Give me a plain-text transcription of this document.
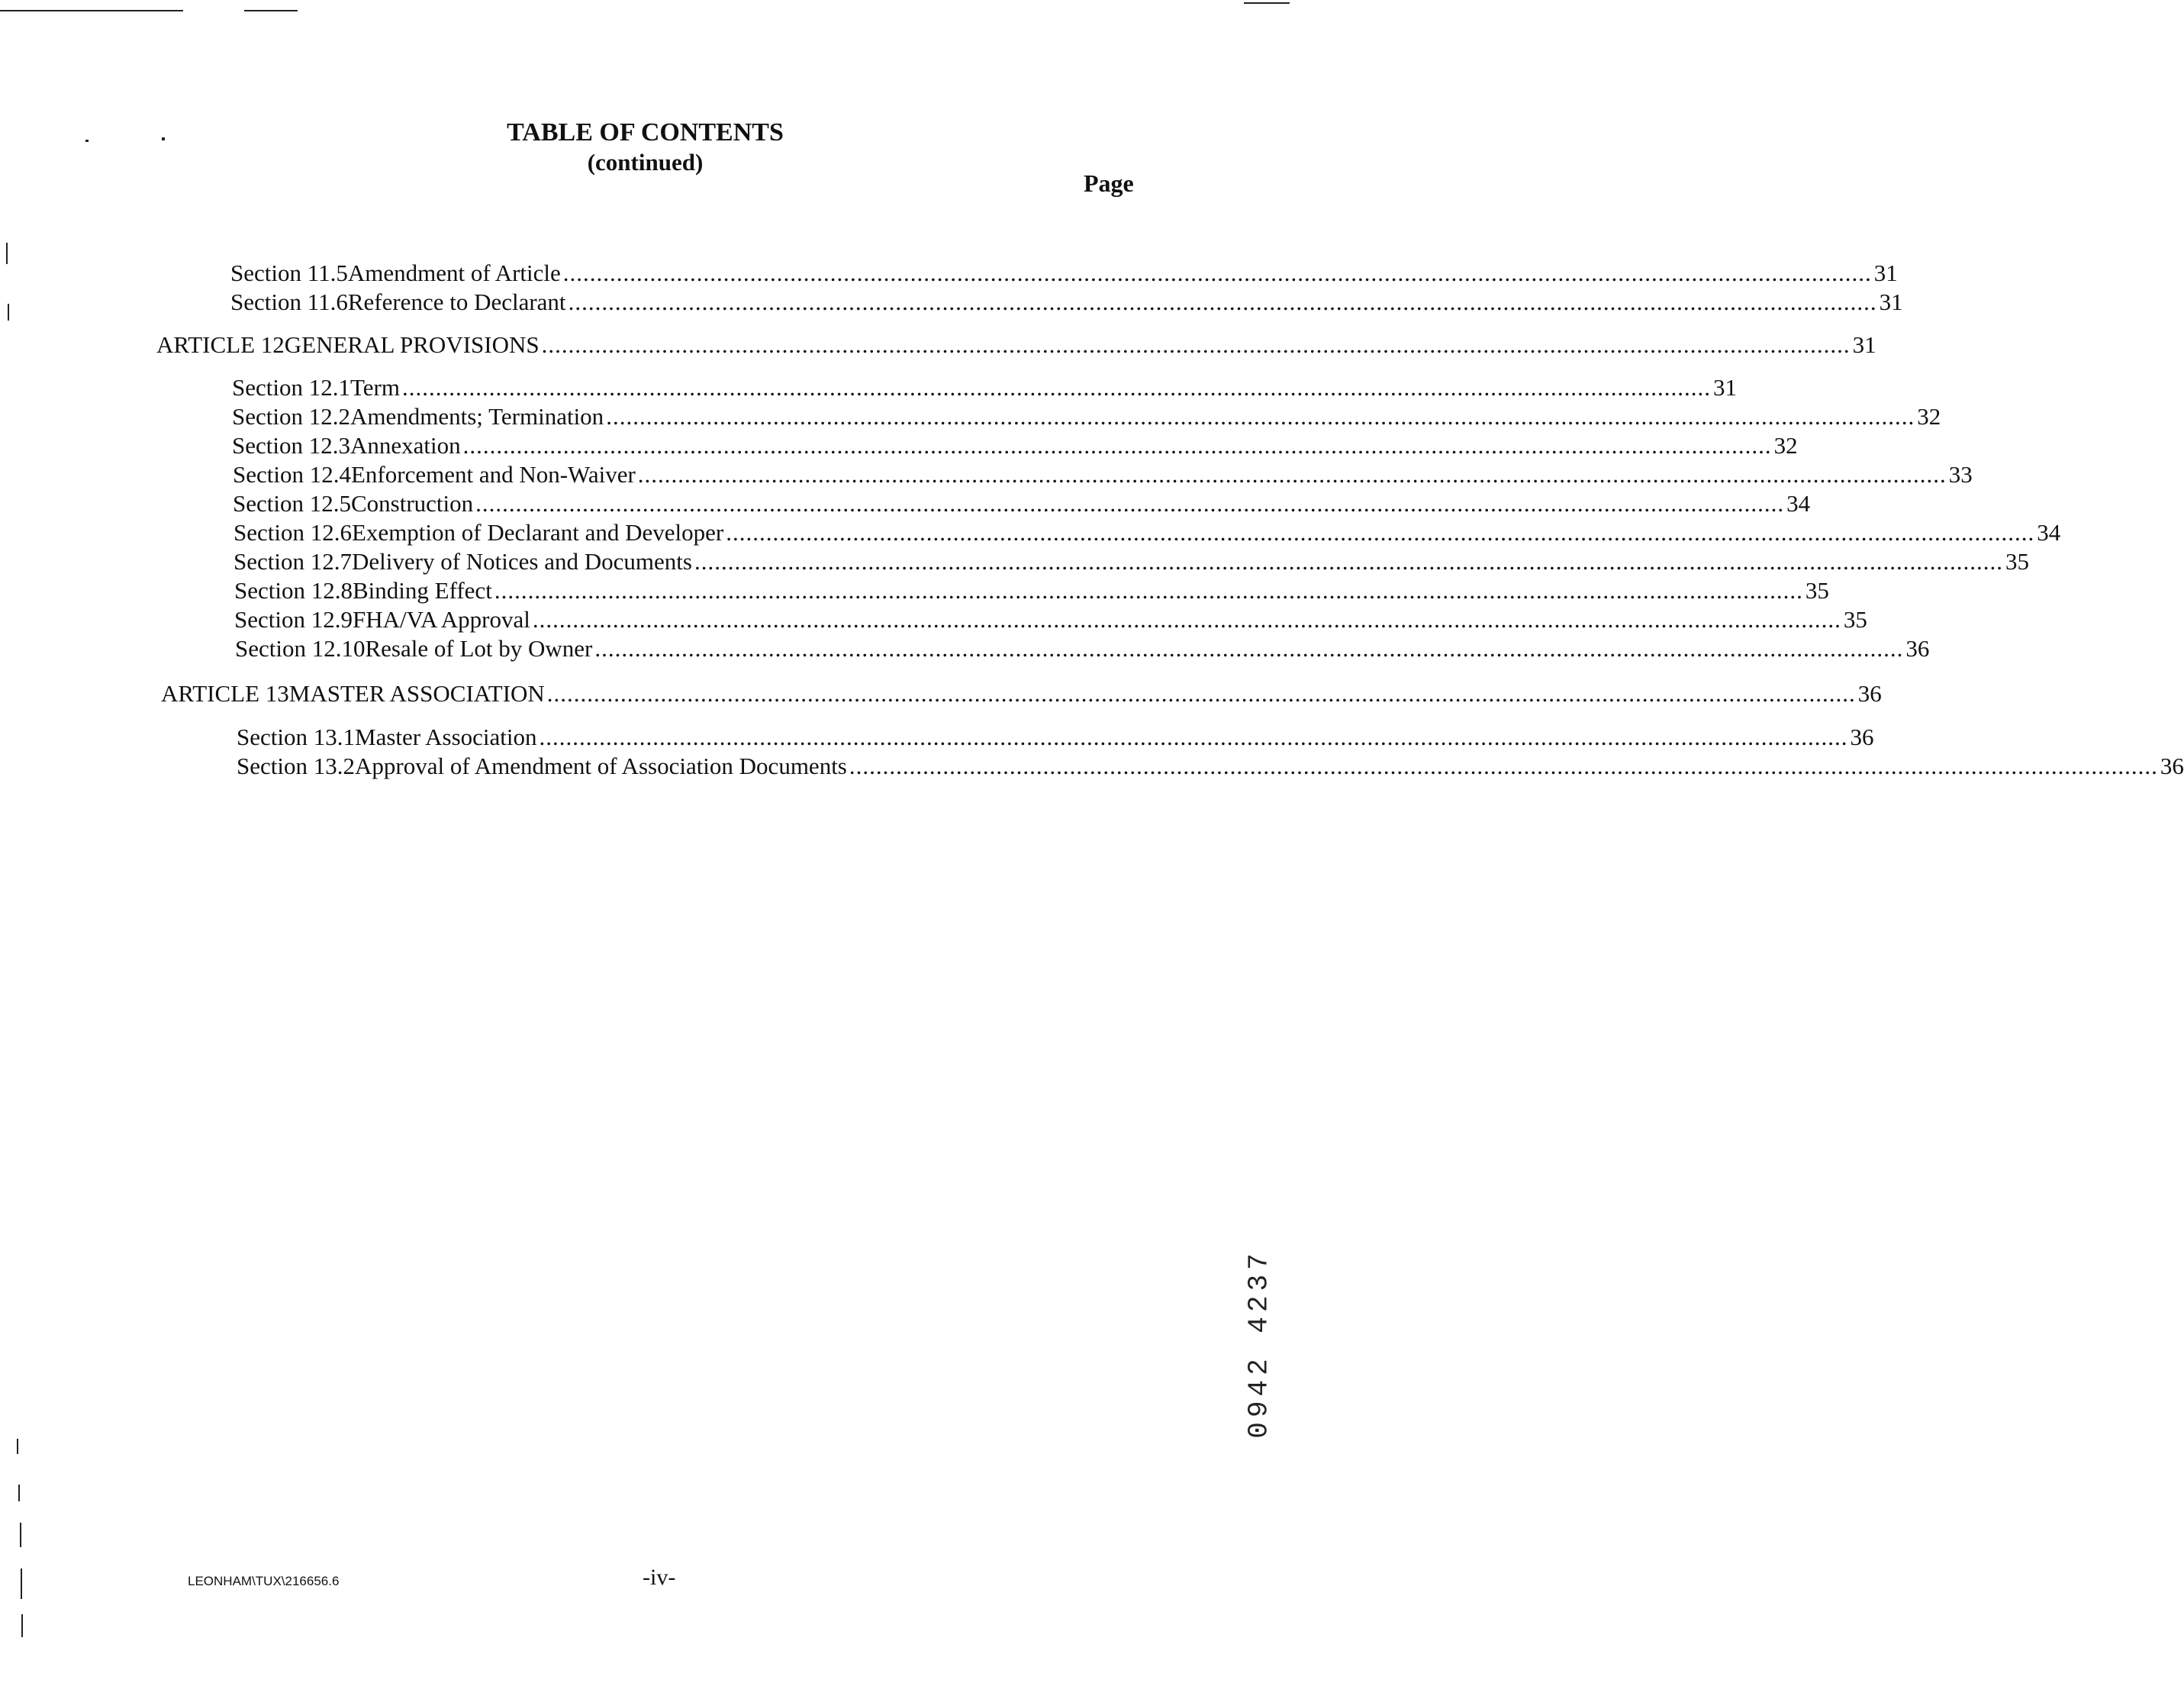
TABLE OF CONTENTS
(continued)
Page
Section 11.5 Amendment of Article .................................................................................................................................................................................................... 31
Section 11.6 Reference to Declarant .................................................................................................................................................................................................... 31
ARTICLE 12 GENERAL PROVISIONS .................................................................................................................................................................................................... 31
Section 12.1 Term .................................................................................................................................................................................................... 31
Section 12.2 Amendments; Termination .................................................................................................................................................................................................... 32
Section 12.3 Annexation .................................................................................................................................................................................................... 32
Section 12.4 Enforcement and Non-Waiver .................................................................................................................................................................................................... 33
Section 12.5 Construction .................................................................................................................................................................................................... 34
Section 12.6 Exemption of Declarant and Developer .................................................................................................................................................................................................... 34
Section 12.7 Delivery of Notices and Documents .................................................................................................................................................................................................... 35
Section 12.8 Binding Effect .................................................................................................................................................................................................... 35
Section 12.9 FHA/VA Approval .................................................................................................................................................................................................... 35
Section 12.10 Resale of Lot by Owner .................................................................................................................................................................................................... 36
ARTICLE 13 MASTER ASSOCIATION .................................................................................................................................................................................................... 36
Section 13.1 Master Association .................................................................................................................................................................................................... 36
Section 13.2 Approval of Amendment of Association Documents .................................................................................................................................................................................................... 36
0942 4237
LEONHAM\TUX\216656.6	-iv-
